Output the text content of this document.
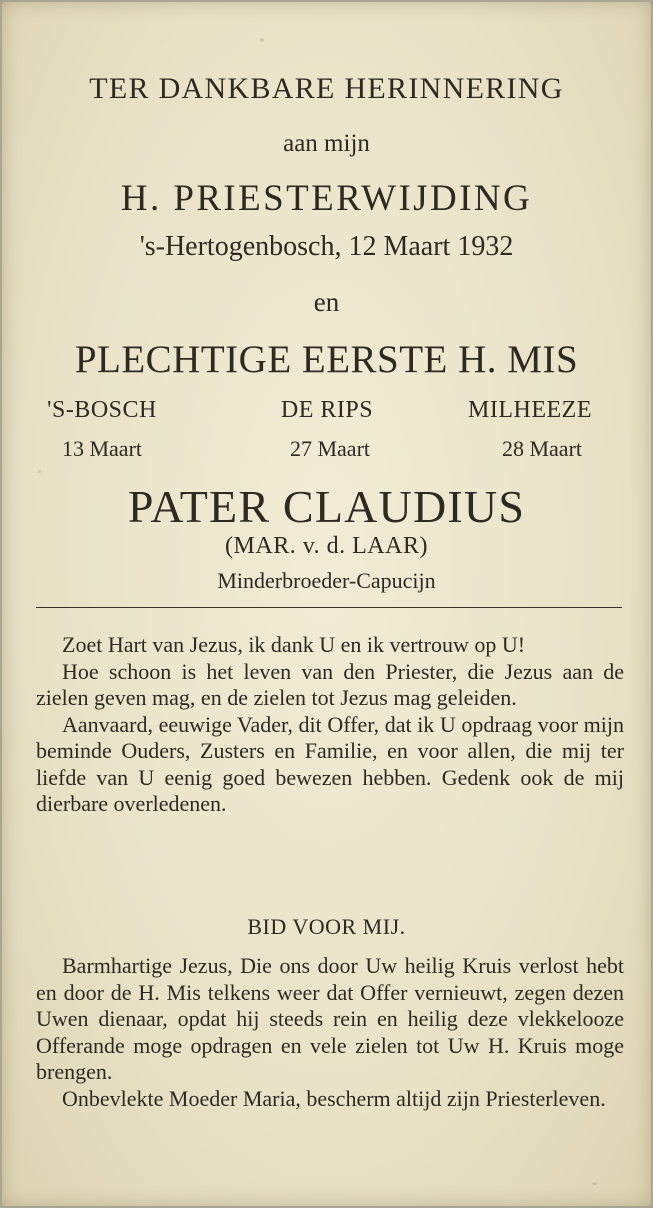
TER DANKBARE HERINNERING
aan mijn
H. PRIESTERWIJDING
's-Hertogenbosch, 12 Maart 1932
en
PLECHTIGE EERSTE H. MIS
'S-BOSCH	DE RIPS	MILHEEZE
13 Maart	27 Maart	28 Maart
PATER CLAUDIUS
(MAR. v. d. LAAR)
Minderbroeder-Capucijn

Zoet Hart van Jezus, ik dank U en ik vertrouw op U!

Hoe schoon is het leven van den Priester, die Jezus aan de zielen geven mag, en de zielen tot Jezus mag geleiden.

Aanvaard, eeuwige Vader, dit Offer, dat ik U opdraag voor mijn beminde Ouders, Zusters en Familie, en voor allen, die mij ter liefde van U eenig goed bewezen hebben. Gedenk ook de mij dierbare overledenen.

BID VOOR MIJ.

Barmhartige Jezus, Die ons door Uw heilig Kruis verlost hebt en door de H. Mis telkens weer dat Offer vernieuwt, zegen dezen Uwen dienaar, opdat hij steeds rein en heilig deze vlekkelooze Offerande moge opdragen en vele zielen tot Uw H. Kruis moge brengen.

Onbevlekte Moeder Maria, bescherm altijd zijn Priesterleven.
